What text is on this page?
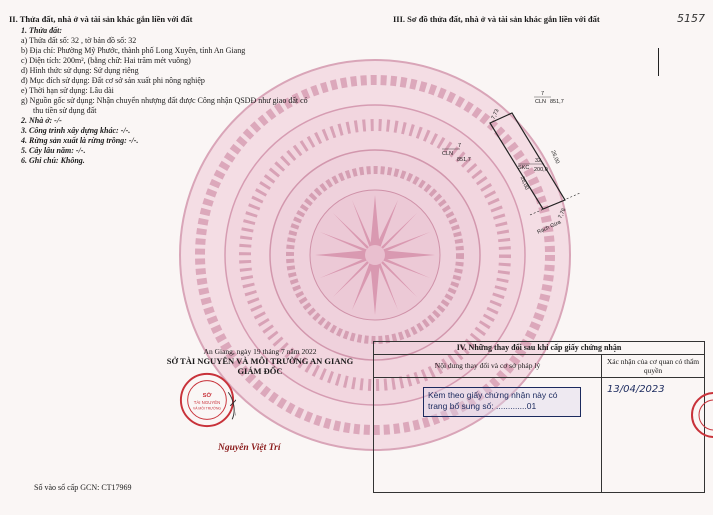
II. Thửa đất, nhà ở và tài sản khác gắn liền với đất
1. Thửa đất:
a) Thửa đất số: 32 , tờ bản đồ số: 32
b) Địa chỉ: Phường Mỹ Phước, thành phố Long Xuyên, tỉnh An Giang
c) Diện tích: 200m², (bằng chữ: Hai trăm mét vuông)
d) Hình thức sử dụng: Sử dụng riêng
đ) Mục đích sử dụng: Đất cơ sở sản xuất phi nông nghiệp
e) Thời hạn sử dụng: Lâu dài
g) Nguồn gốc sử dụng: Nhận chuyển nhượng đất được Công nhận QSDĐ như giao đất có
thu tiền sử dụng đất
2. Nhà ở: -/-
3. Công trình xây dựng khác: -/-.
4. Rừng sản xuất là rừng trồng: -/-.
5. Cây lâu năm: -/-.
6. Ghi chú: Không.
III. Sơ đồ thửa đất, nhà ở và tài sản khác gắn liền với đất	5157
7
CLN 851,7
7
CLN
851,7	32
SKC 200,0
7,73
26,00
26,00
7,76
Rạch Gừa
An Giang, ngày 19 tháng 7 năm 2022
SỞ TÀI NGUYÊN VÀ MÔI TRƯỜNG AN GIANG
GIÁM ĐỐC
SỞ
TÀI NGUYÊN
VÀ MÔI TRƯỜNG
Nguyễn Việt Trí
Số vào sổ cấp GCN: CT17969
IV. Những thay đổi sau khi cấp giấy chứng nhận
Nội dung thay đổi và cơ sở pháp lý	Xác nhận của cơ quan có thẩm quyền
Kèm theo giấy chứng nhận này có trang bổ sung số: .............01
13/04/2023
